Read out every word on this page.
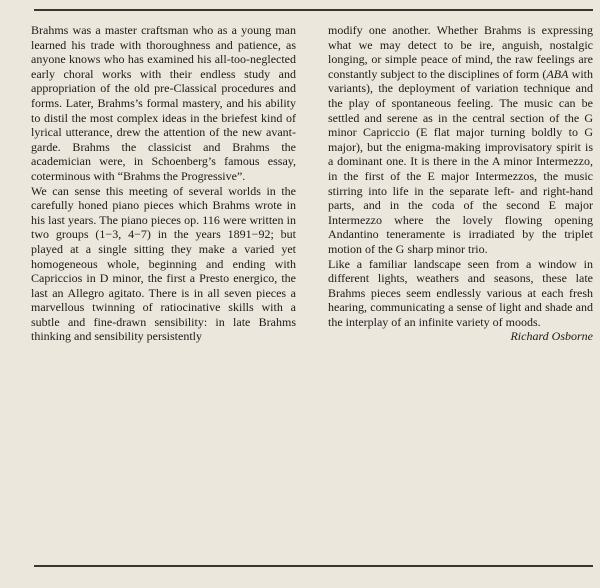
Brahms was a master craftsman who as a young man learned his trade with thoroughness and patience, as anyone knows who has examined his all-too-neglected early choral works with their endless study and appropriation of the old pre-Classical procedures and forms. Later, Brahms’s formal mastery, and his ability to distil the most complex ideas in the briefest kind of lyrical utterance, drew the attention of the new avant-garde. Brahms the classicist and Brahms the academician were, in Schoenberg’s famous essay, coterminous with “Brahms the Progressive”.

We can sense this meeting of several worlds in the carefully honed piano pieces which Brahms wrote in his last years. The piano pieces op. 116 were written in two groups (1−3, 4−7) in the years 1891−92; but played at a single sitting they make a varied yet homogeneous whole, beginning and ending with Capriccios in D minor, the first a Presto energico, the last an Allegro agitato. There is in all seven pieces a marvellous twinning of ratiocinative skills with a subtle and fine-drawn sensibility: in late Brahms thinking and sensibility persistently

modify one another. Whether Brahms is expressing what we may detect to be ire, anguish, nostalgic longing, or simple peace of mind, the raw feelings are constantly subject to the disciplines of form (ABA with variants), the deployment of variation technique and the play of spontaneous feeling. The music can be settled and serene as in the central section of the G minor Capriccio (E flat major turning boldly to G major), but the enigma-making improvisatory spirit is a dominant one. It is there in the A minor Intermezzo, in the first of the E major Intermezzos, the music stirring into life in the separate left- and right-hand parts, and in the coda of the second E major Intermezzo where the lovely flowing opening Andantino teneramente is irradiated by the triplet motion of the G sharp minor trio.

Like a familiar landscape seen from a window in different lights, weathers and seasons, these late Brahms pieces seem endlessly various at each fresh hearing, communicating a sense of light and shade and the interplay of an infinite variety of moods.

Richard Osborne
